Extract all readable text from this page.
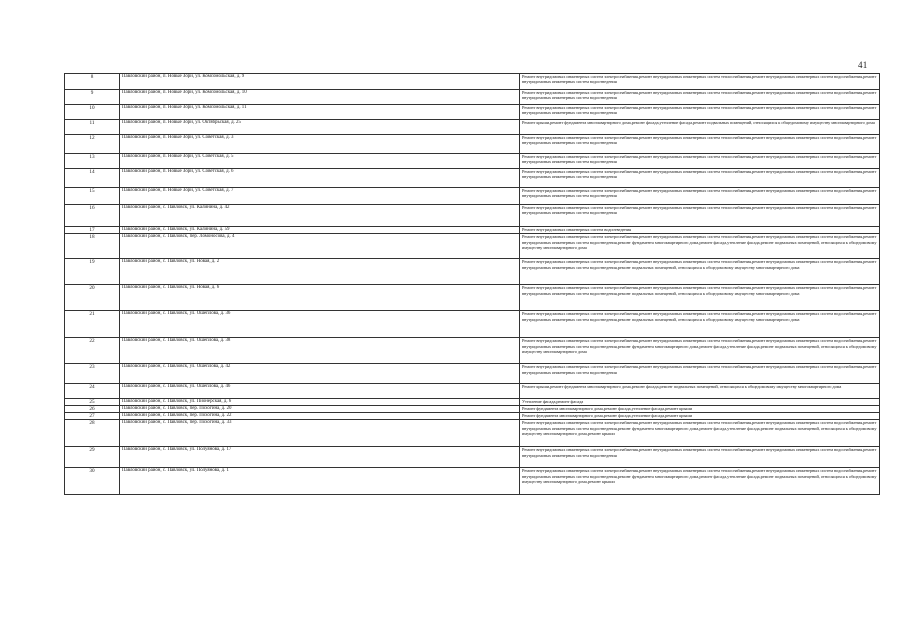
41
8	Павловский район, п. Новые Зори, ул. Комсомольская, д. 9	Ремонт внутридомовых инженерных систем электроснабжения,ремонт внутридомовых инженерных систем теплоснабжения,ремонт внутридомовых инженерных систем водоснабжения,ремонт внутридомовых инженерных систем водоотведения
9	Павловский район, п. Новые Зори, ул. Комсомольская, д. 10	Ремонт внутридомовых инженерных систем электроснабжения,ремонт внутридомовых инженерных систем теплоснабжения,ремонт внутридомовых инженерных систем водоснабжения,ремонт внутридомовых инженерных систем водоотведения
10	Павловский район, п. Новые Зори, ул. Комсомольская, д. 11	Ремонт внутридомовых инженерных систем электроснабжения,ремонт внутридомовых инженерных систем теплоснабжения,ремонт внутридомовых инженерных систем водоснабжения,ремонт внутридомовых инженерных систем водоотведения
11	Павловский район, п. Новые Зори, ул. Октябрьская, д. 25	Ремонт крыши,ремонт фундамента многоквартирного дома,ремонт фасада,утепление фасада,ремонт подвальных помещений, относящихся к общедомовому имуществу многоквартирного дома
12	Павловский район, п. Новые Зори, ул. Советская, д. 3	Ремонт внутридомовых инженерных систем электроснабжения,ремонт внутридомовых инженерных систем теплоснабжения,ремонт внутридомовых инженерных систем водоснабжения,ремонт внутридомовых инженерных систем водоотведения
13	Павловский район, п. Новые Зори, ул. Советская, д. 5	Ремонт внутридомовых инженерных систем электроснабжения,ремонт внутридомовых инженерных систем теплоснабжения,ремонт внутридомовых инженерных систем водоснабжения,ремонт внутридомовых инженерных систем водоотведения
14	Павловский район, п. Новые Зори, ул. Советская, д. 6	Ремонт внутридомовых инженерных систем электроснабжения,ремонт внутридомовых инженерных систем теплоснабжения,ремонт внутридомовых инженерных систем водоснабжения,ремонт внутридомовых инженерных систем водоотведения
15	Павловский район, п. Новые Зори, ул. Советская, д. 7	Ремонт внутридомовых инженерных систем электроснабжения,ремонт внутридомовых инженерных систем теплоснабжения,ремонт внутридомовых инженерных систем водоснабжения,ремонт внутридомовых инженерных систем водоотведения
16	Павловский район, с. Павловск, ул. Калинина, д. 42	Ремонт внутридомовых инженерных систем электроснабжения,ремонт внутридомовых инженерных систем теплоснабжения,ремонт внутридомовых инженерных систем водоснабжения,ремонт внутридомовых инженерных систем водоотведения
17	Павловский район, с. Павловск, ул. Калинина, д. 59	Ремонт внутридомовых инженерных систем водоотведения
18	Павловский район, с. Павловск, пер. Ломоносова, д. 4	Ремонт внутридомовых инженерных систем электроснабжения,ремонт внутридомовых инженерных систем теплоснабжения,ремонт внутридомовых инженерных систем водоснабжения,ремонт внутридомовых инженерных систем водоотведения,ремонт фундамента многоквартирного дома,ремонт фасада,утепление фасада,ремонт подвальных помещений, относящихся к общедомовому имуществу многоквартирного дома
19	Павловский район, с. Павловск, ул. Новая, д. 2	Ремонт внутридомовых инженерных систем электроснабжения,ремонт внутридомовых инженерных систем теплоснабжения,ремонт внутридомовых инженерных систем водоснабжения,ремонт внутридомовых инженерных систем водоотведения,ремонт подвальных помещений, относящихся к общедомовому имуществу многоквартирного дома
20	Павловский район, с. Павловск, ул. Новая, д. 6	Ремонт внутридомовых инженерных систем электроснабжения,ремонт внутридомовых инженерных систем теплоснабжения,ремонт внутридомовых инженерных систем водоснабжения,ремонт внутридомовых инженерных систем водоотведения,ремонт подвальных помещений, относящихся к общедомовому имуществу многоквартирного дома
21	Павловский район, с. Павловск, ул. Ошеплова, д. 36	Ремонт внутридомовых инженерных систем электроснабжения,ремонт внутридомовых инженерных систем теплоснабжения,ремонт внутридомовых инженерных систем водоснабжения,ремонт внутридомовых инженерных систем водоотведения,ремонт подвальных помещений, относящихся к общедомовому имуществу многоквартирного дома
22	Павловский район, с. Павловск, ул. Ошеплова, д. 38	Ремонт внутридомовых инженерных систем электроснабжения,ремонт внутридомовых инженерных систем теплоснабжения,ремонт внутридомовых инженерных систем водоснабжения,ремонт внутридомовых инженерных систем водоотведения,ремонт фундамента многоквартирного дома,ремонт фасада,утепление фасада,ремонт подвальных помещений, относящихся к общедомовому имуществу многоквартирного дома
23	Павловский район, с. Павловск, ул. Ошеплова, д. 42	Ремонт внутридомовых инженерных систем электроснабжения,ремонт внутридомовых инженерных систем теплоснабжения,ремонт внутридомовых инженерных систем водоснабжения,ремонт внутридомовых инженерных систем водоотведения
24	Павловский район, с. Павловск, ул. Ошеплова, д. 46	Ремонт крыши,ремонт фундамента многоквартирного дома,ремонт фасада,ремонт подвальных помещений, относящихся к общедомовому имуществу многоквартирного дома
25	Павловский район, с. Павловск, ул. Пионерская, д. 6	Утепление фасада,ремонт фасада
26	Павловский район, с. Павловск, пер. Похогина, д. 20	Ремонт фундамента многоквартирного дома,ремонт фасада,утепление фасада,ремонт крыши
27	Павловский район, с. Павловск, пер. Похогина, д. 22	Ремонт фундамента многоквартирного дома,ремонт фасада,утепление фасада,ремонт крыши
28	Павловский район, с. Павловск, пер. Похогина, д. 33	Ремонт внутридомовых инженерных систем электроснабжения,ремонт внутридомовых инженерных систем теплоснабжения,ремонт внутридомовых инженерных систем водоснабжения,ремонт внутридомовых инженерных систем водоотведения,ремонт фундамента многоквартирного дома,ремонт фасада,утепление фасада,ремонт подвальных помещений, относящихся к общедомовому имуществу многоквартирного дома,ремонт крыши
29	Павловский район, с. Павловск, ул. Полуянова, д. 17	Ремонт внутридомовых инженерных систем электроснабжения,ремонт внутридомовых инженерных систем теплоснабжения,ремонт внутридомовых инженерных систем водоснабжения,ремонт внутридомовых инженерных систем водоотведения
30	Павловский район, с. Павловск, ул. Полуянова, д. 1	Ремонт внутридомовых инженерных систем электроснабжения,ремонт внутридомовых инженерных систем теплоснабжения,ремонт внутридомовых инженерных систем водоснабжения,ремонт внутридомовых инженерных систем водоотведения,ремонт фундамента многоквартирного дома,ремонт фасада,утепление фасада,ремонт подвальных помещений, относящихся к общедомовому имуществу многоквартирного дома,ремонт крыши
